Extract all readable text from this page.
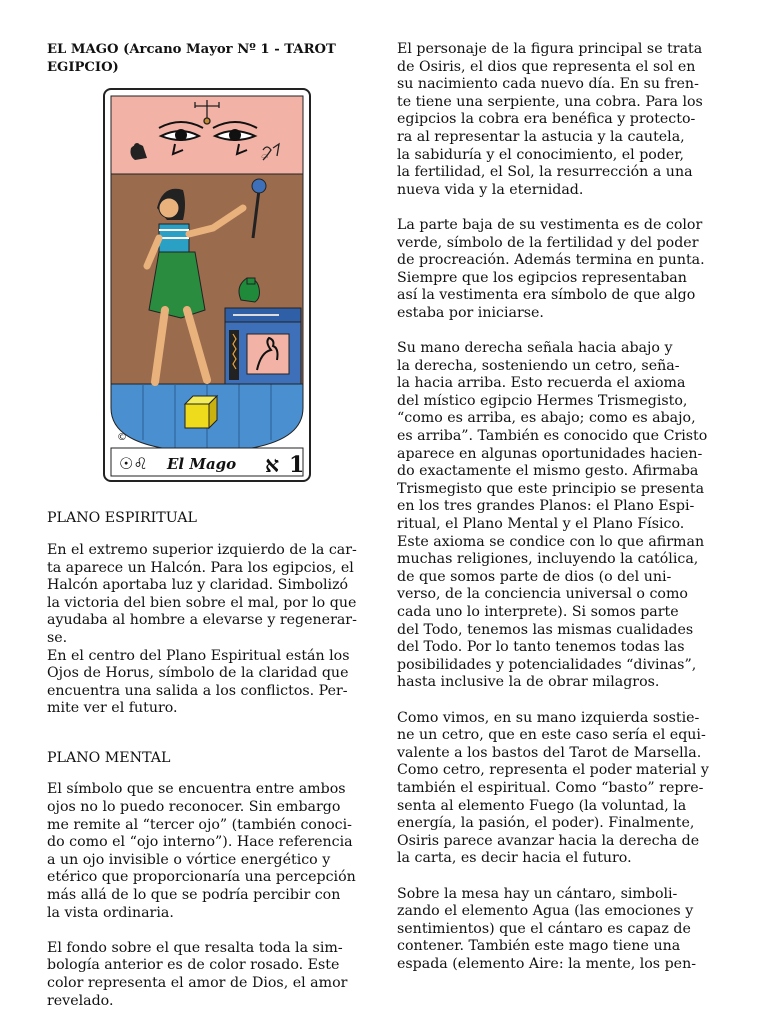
EL MAGO (Arcano Mayor Nº 1 - TAROT EGIPCIO)
𓏏
©
☉♌ El Mago א 1

PLANO ESPIRITUAL

En el extremo superior izquierdo de la car-
ta aparece un Halcón. Para los egipcios, el
Halcón aportaba luz y claridad. Simbolizó
la victoria del bien sobre el mal, por lo que
ayudaba al hombre a elevarse y regenerar-
se.
En el centro del Plano Espiritual están los
Ojos de Horus, símbolo de la claridad que
encuentra una salida a los conflictos. Per-
mite ver el futuro.

PLANO MENTAL

El símbolo que se encuentra entre ambos
ojos no lo puedo reconocer. Sin embargo
me remite al “tercer ojo” (también conoci-
do como el “ojo interno”). Hace referencia
a un ojo invisible o vórtice energético y
etérico que proporcionaría una percepción
más allá de lo que se podría percibir con
la vista ordinaria.
El fondo sobre el que resalta toda la sim-
bología anterior es de color rosado. Este
color representa el amor de Dios, el amor
revelado.
El personaje de la figura principal se trata
de Osiris, el dios que representa el sol en
su nacimiento cada nuevo día. En su fren-
te tiene una serpiente, una cobra. Para los
egipcios la cobra era benéfica y protecto-
ra al representar la astucia y la cautela,
la sabiduría y el conocimiento, el poder,
la fertilidad, el Sol, la resurrección a una
nueva vida y la eternidad.
La parte baja de su vestimenta es de color
verde, símbolo de la fertilidad y del poder
de procreación. Además termina en punta.
Siempre que los egipcios representaban
así la vestimenta era símbolo de que algo
estaba por iniciarse.
Su mano derecha señala hacia abajo y
la derecha, sosteniendo un cetro, seña-
la hacia arriba. Esto recuerda el axioma
del místico egipcio Hermes Trismegisto,
“como es arriba, es abajo; como es abajo,
es arriba”. También es conocido que Cristo
aparece en algunas oportunidades hacien-
do exactamente el mismo gesto. Afirmaba
Trismegisto que este principio se presenta
en los tres grandes Planos: el Plano Espi-
ritual, el Plano Mental y el Plano Físico.
Este axioma se condice con lo que afirman
muchas religiones, incluyendo la católica,
de que somos parte de dios (o del uni-
verso, de la conciencia universal o como
cada uno lo interprete). Si somos parte
del Todo, tenemos las mismas cualidades
del Todo. Por lo tanto tenemos todas las
posibilidades y potencialidades “divinas”,
hasta inclusive la de obrar milagros.
Como vimos, en su mano izquierda sostie-
ne un cetro, que en este caso sería el equi-
valente a los bastos del Tarot de Marsella.
Como cetro, representa el poder material y
también el espiritual. Como “basto” repre-
senta al elemento Fuego (la voluntad, la
energía, la pasión, el poder). Finalmente,
Osiris parece avanzar hacia la derecha de
la carta, es decir hacia el futuro.
Sobre la mesa hay un cántaro, simboli-
zando el elemento Agua (las emociones y
sentimientos) que el cántaro es capaz de
contener. También este mago tiene una
espada (elemento Aire: la mente, los pen-
